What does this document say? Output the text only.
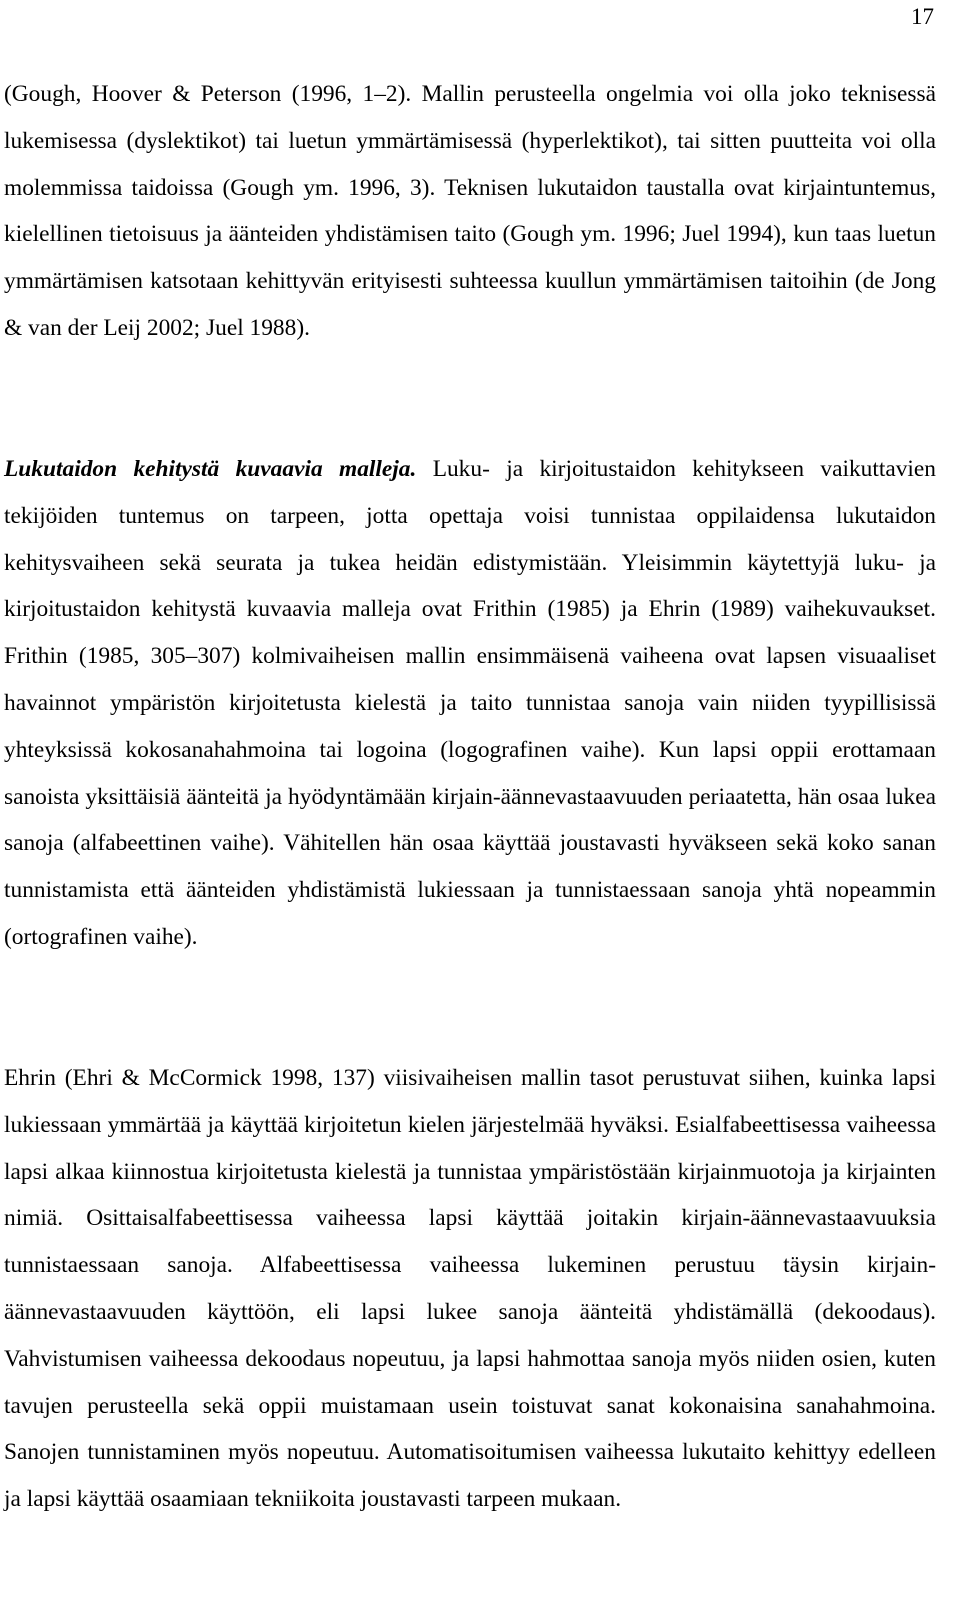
17

(Gough, Hoover & Peterson (1996, 1–2). Mallin perusteella ongelmia voi olla joko teknisessä lukemisessa (dyslektikot) tai luetun ymmärtämisessä (hyperlektikot), tai sitten puutteita voi olla molemmissa taidoissa (Gough ym. 1996, 3). Teknisen lukutaidon taustalla ovat kirjaintuntemus, kielellinen tietoisuus ja äänteiden yhdistämisen taito (Gough ym. 1996; Juel 1994), kun taas luetun ymmärtämisen katsotaan kehittyvän erityisesti suhteessa kuullun ymmärtämisen taitoihin (de Jong & van der Leij 2002; Juel 1988).

Lukutaidon kehitystä kuvaavia malleja. Luku- ja kirjoitustaidon kehitykseen vaikuttavien tekijöiden tuntemus on tarpeen, jotta opettaja voisi tunnistaa oppilaidensa lukutaidon kehitysvaiheen sekä seurata ja tukea heidän edistymistään. Yleisimmin käytettyjä luku- ja kirjoitustaidon kehitystä kuvaavia malleja ovat Frithin (1985) ja Ehrin (1989) vaihekuvaukset. Frithin (1985, 305–307) kolmivaiheisen mallin ensimmäisenä vaiheena ovat lapsen visuaaliset havainnot ympäristön kirjoitetusta kielestä ja taito tunnistaa sanoja vain niiden tyypillisissä yhteyksissä kokosanahahmoina tai logoina (logografinen vaihe). Kun lapsi oppii erottamaan sanoista yksittäisiä äänteitä ja hyödyntämään kirjain-äännevastaavuuden periaatetta, hän osaa lukea sanoja (alfabeettinen vaihe). Vähitellen hän osaa käyttää joustavasti hyväkseen sekä koko sanan tunnistamista että äänteiden yhdistämistä lukiessaan ja tunnistaessaan sanoja yhtä nopeammin (ortografinen vaihe).

Ehrin (Ehri & McCormick 1998, 137) viisivaiheisen mallin tasot perustuvat siihen, kuinka lapsi lukiessaan ymmärtää ja käyttää kirjoitetun kielen järjestelmää hyväksi. Esialfabeettisessa vaiheessa lapsi alkaa kiinnostua kirjoitetusta kielestä ja tunnistaa ympäristöstään kirjainmuotoja ja kirjainten nimiä. Osittaisalfabeettisessa vaiheessa lapsi käyttää joitakin kirjain-äännevastaavuuksia tunnistaessaan sanoja. Alfabeettisessa vaiheessa lukeminen perustuu täysin kirjain-äännevastaavuuden käyttöön, eli lapsi lukee sanoja äänteitä yhdistämällä (dekoodaus). Vahvistumisen vaiheessa dekoodaus nopeutuu, ja lapsi hahmottaa sanoja myös niiden osien, kuten tavujen perusteella sekä oppii muistamaan usein toistuvat sanat kokonaisina sanahahmoina. Sanojen tunnistaminen myös nopeutuu. Automatisoitumisen vaiheessa lukutaito kehittyy edelleen ja lapsi käyttää osaamiaan tekniikoita joustavasti tarpeen mukaan.
